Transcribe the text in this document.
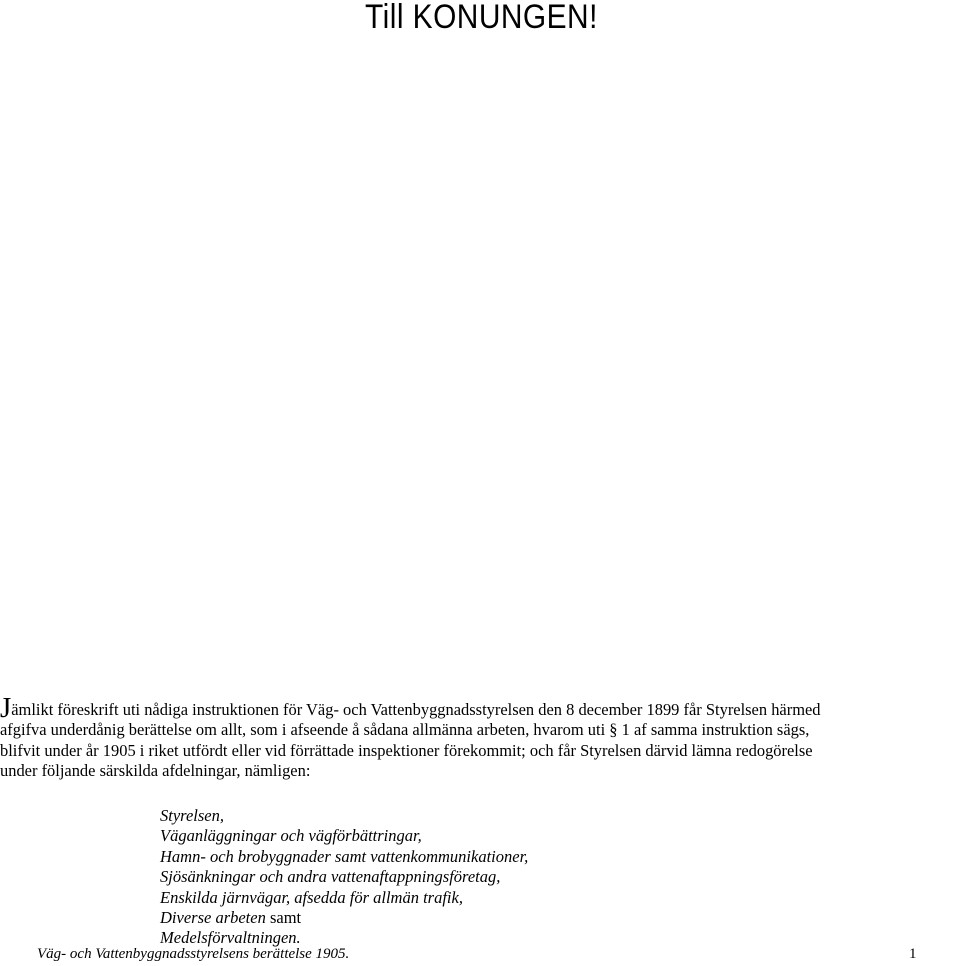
Till KONUNGEN!
Jämlikt föreskrift uti nådiga instruktionen för Väg- och Vattenbyggnadsstyrelsen den 8 december 1899 får Styrelsen härmed
afgifva underdånig berättelse om allt, som i afseende å sådana allmänna arbeten, hvarom uti § 1 af samma instruktion sägs,
blifvit under år 1905 i riket utfördt eller vid förrättade inspektioner förekommit; och får Styrelsen därvid lämna redogörelse
under följande särskilda afdelningar, nämligen:
Styrelsen,
Väganläggningar och vägförbättringar,
Hamn- och brobyggnader samt vattenkommunikationer,
Sjösänkningar och andra vattenaftappningsföretag,
Enskilda järnvägar, afsedda för allmän trafik,
Diverse arbeten samt
Medelsförvaltningen.
Väg- och Vattenbyggnadsstyrelsens berättelse 1905.	1
